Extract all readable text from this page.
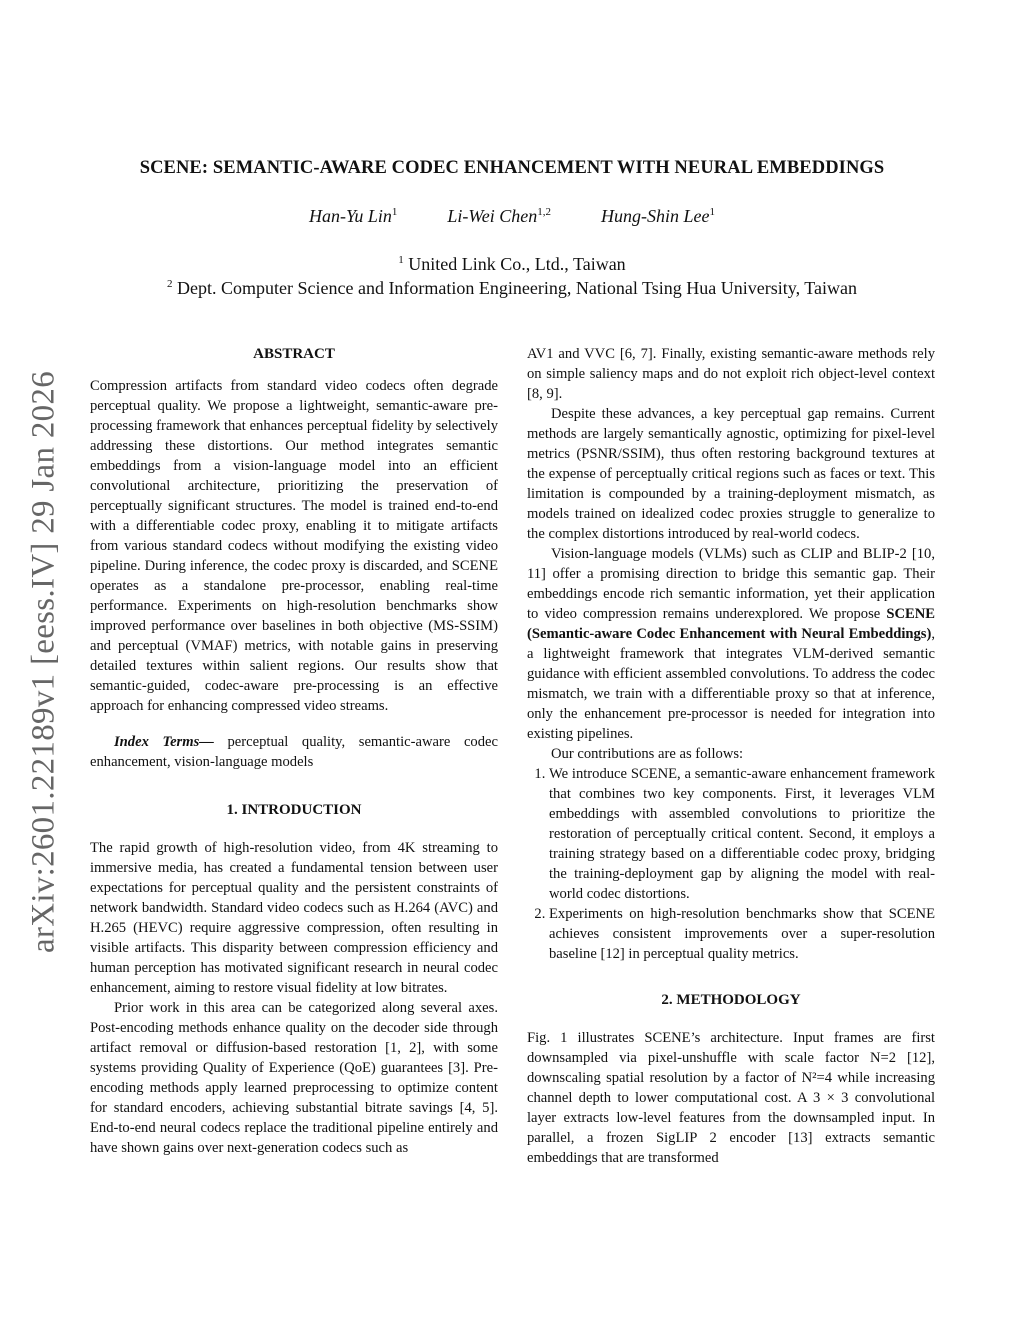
arXiv:2601.22189v1 [eess.IV] 29 Jan 2026
SCENE: SEMANTIC-AWARE CODEC ENHANCEMENT WITH NEURAL EMBEDDINGS
Han-Yu Lin$^1$	Li-Wei Chen$^{1,2}$	Hung-Shin Lee$^1$
$^1$ United Link Co., Ltd., Taiwan
$^2$ Dept. Computer Science and Information Engineering, National Tsing Hua University, Taiwan
ABSTRACT

Compression artifacts from standard video codecs often degrade perceptual quality. We propose a lightweight, semantic-aware pre-processing framework that enhances perceptual fidelity by selectively addressing these distortions. Our method integrates semantic embeddings from a vision-language model into an efficient convolutional architecture, prioritizing the preservation of perceptually significant structures. The model is trained end-to-end with a differentiable codec proxy, enabling it to mitigate artifacts from various standard codecs without modifying the existing video pipeline. During inference, the codec proxy is discarded, and SCENE operates as a standalone pre-processor, enabling real-time performance. Experiments on high-resolution benchmarks show improved performance over baselines in both objective (MS-SSIM) and perceptual (VMAF) metrics, with notable gains in preserving detailed textures within salient regions. Our results show that semantic-guided, codec-aware pre-processing is an effective approach for enhancing compressed video streams.

Index Terms— perceptual quality, semantic-aware codec enhancement, vision-language models

1. INTRODUCTION

The rapid growth of high-resolution video, from 4K streaming to immersive media, has created a fundamental tension between user expectations for perceptual quality and the persistent constraints of network bandwidth. Standard video codecs such as H.264 (AVC) and H.265 (HEVC) require aggressive compression, often resulting in visible artifacts. This disparity between compression efficiency and human perception has motivated significant research in neural codec enhancement, aiming to restore visual fidelity at low bitrates.

Prior work in this area can be categorized along several axes. Post-encoding methods enhance quality on the decoder side through artifact removal or diffusion-based restoration [1, 2], with some systems providing Quality of Experience (QoE) guarantees [3]. Pre-encoding methods apply learned preprocessing to optimize content for standard encoders, achieving substantial bitrate savings [4, 5]. End-to-end neural codecs replace the traditional pipeline entirely and have shown gains over next-generation codecs such as

AV1 and VVC [6, 7]. Finally, existing semantic-aware methods rely on simple saliency maps and do not exploit rich object-level context [8, 9].

Despite these advances, a key perceptual gap remains. Current methods are largely semantically agnostic, optimizing for pixel-level metrics (PSNR/SSIM), thus often restoring background textures at the expense of perceptually critical regions such as faces or text. This limitation is compounded by a training-deployment mismatch, as models trained on idealized codec proxies struggle to generalize to the complex distortions introduced by real-world codecs.

Vision-language models (VLMs) such as CLIP and BLIP-2 [10, 11] offer a promising direction to bridge this semantic gap. Their embeddings encode rich semantic information, yet their application to video compression remains underexplored. We propose SCENE (Semantic-aware Codec Enhancement with Neural Embeddings), a lightweight framework that integrates VLM-derived semantic guidance with efficient assembled convolutions. To address the codec mismatch, we train with a differentiable proxy so that at inference, only the enhancement pre-processor is needed for integration into existing pipelines.

Our contributions are as follows:

1. We introduce SCENE, a semantic-aware enhancement framework that combines two key components. First, it leverages VLM embeddings with assembled convolutions to prioritize the restoration of perceptually critical content. Second, it employs a training strategy based on a differentiable codec proxy, bridging the training-deployment gap by aligning the model with real-world codec distortions.
2. Experiments on high-resolution benchmarks show that SCENE achieves consistent improvements over a super-resolution baseline [12] in perceptual quality metrics.
2. METHODOLOGY

Fig. 1 illustrates SCENE’s architecture. Input frames are first downsampled via pixel-unshuffle with scale factor N=2 [12], downscaling spatial resolution by a factor of N²=4 while increasing channel depth to lower computational cost. A 3 × 3 convolutional layer extracts low-level features from the downsampled input. In parallel, a frozen SigLIP 2 encoder [13] extracts semantic embeddings that are transformed
